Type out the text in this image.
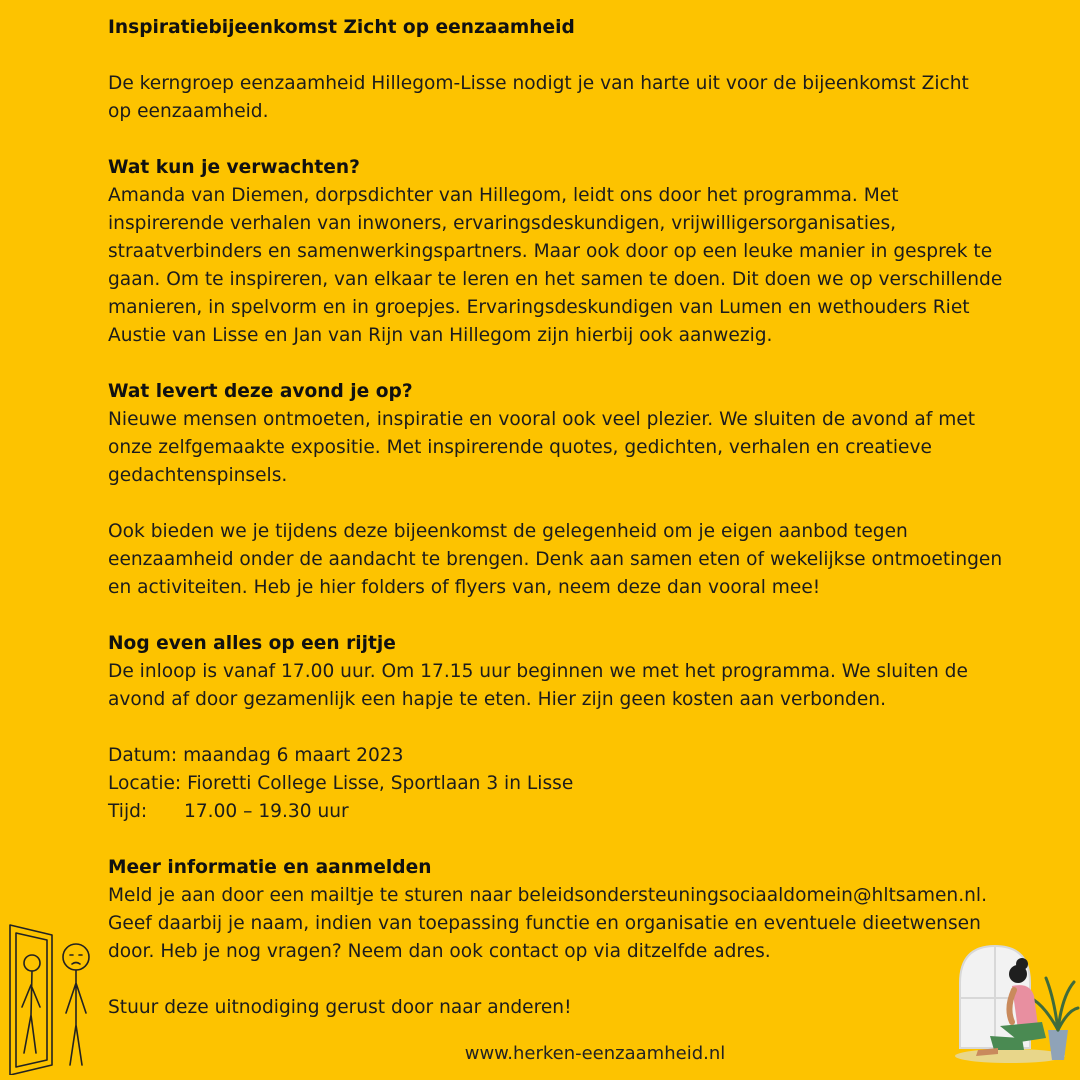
Inspiratiebijeenkomst Zicht op eenzaamheid

De kerngroep eenzaamheid Hillegom-Lisse nodigt je van harte uit voor de bijeenkomst Zicht

op eenzaamheid.

Wat kun je verwachten?

Amanda van Diemen, dorpsdichter van Hillegom, leidt ons door het programma. Met

inspirerende verhalen van inwoners, ervaringsdeskundigen, vrijwilligersorganisaties,

straatverbinders en samenwerkingspartners. Maar ook door op een leuke manier in gesprek te

gaan. Om te inspireren, van elkaar te leren en het samen te doen. Dit doen we op verschillende

manieren, in spelvorm en in groepjes. Ervaringsdeskundigen van Lumen en wethouders Riet

Austie van Lisse en Jan van Rijn van Hillegom zijn hierbij ook aanwezig.

Wat levert deze avond je op?

Nieuwe mensen ontmoeten, inspiratie en vooral ook veel plezier. We sluiten de avond af met

onze zelfgemaakte expositie. Met inspirerende quotes, gedichten, verhalen en creatieve

gedachtenspinsels.

Ook bieden we je tijdens deze bijeenkomst de gelegenheid om je eigen aanbod tegen

eenzaamheid onder de aandacht te brengen. Denk aan samen eten of wekelijkse ontmoetingen

en activiteiten. Heb je hier folders of flyers van, neem deze dan vooral mee!

Nog even alles op een rijtje

De inloop is vanaf 17.00 uur. Om 17.15 uur beginnen we met het programma. We sluiten de

avond af door gezamenlijk een hapje te eten. Hier zijn geen kosten aan verbonden.

Datum: maandag 6 maart 2023

Locatie: Fioretti College Lisse, Sportlaan 3 in Lisse

Tijd: 17.00 – 19.30 uur

Meer informatie en aanmelden

Meld je aan door een mailtje te sturen naar beleidsondersteuningsociaaldomein@hltsamen.nl.

Geef daarbij je naam, indien van toepassing functie en organisatie en eventuele dieetwensen

door. Heb je nog vragen? Neem dan ook contact op via ditzelfde adres.

Stuur deze uitnodiging gerust door naar anderen!

www.herken-eenzaamheid.nl
